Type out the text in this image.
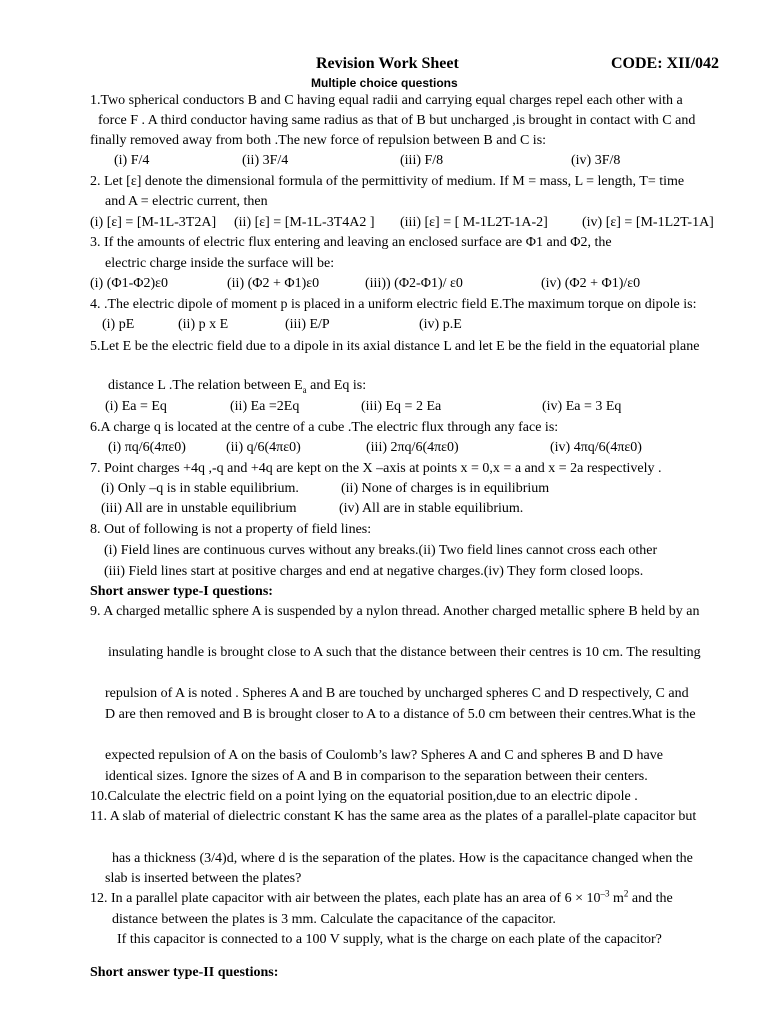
Revision Work Sheet	CODE: XII/042
Multiple choice questions
1.Two spherical conductors B and C having equal radii and carrying equal charges repel each other with a
force F . A third conductor having same radius as that of B but uncharged ,is brought in contact with C and
finally removed away from both .The new force of repulsion between B and C is:
(i) F/4	(ii) 3F/4	(iii) F/8	(iv) 3F/8
2. Let [ε] denote the dimensional formula of the permittivity of medium. If M = mass, L = length, T= time
and A = electric current, then
(i) [ε] = [M-1L-3T2A] (ii) [ε] = [M-1L-3T4A2 ] (iii) [ε] = [ M-1L2T-1A-2] (iv) [ε] = [M-1L2T-1A]
3. If the amounts of electric flux entering and leaving an enclosed surface are Φ1 and Φ2, the
electric charge inside the surface will be:
(i) (Φ1-Φ2)ε0	(ii) (Φ2 + Φ1)ε0	(iii)) (Φ2-Φ1)/ ε0	(iv) (Φ2 + Φ1)/ε0
4. .The electric dipole of moment p is placed in a uniform electric field E.The maximum torque on dipole is:
(i) pE	(ii) p x E	(iii) E/P	(iv) p.E
5.Let E be the electric field due to a dipole in its axial distance L and let E be the field in the equatorial plane
distance L .The relation between $E_a$ and Eq is:
(i) Ea = Eq	(ii) Ea =2Eq	(iii) Eq = 2 Ea	(iv) Ea = 3 Eq
6.A charge q is located at the centre of a cube .The electric flux through any face is:
(i) πq/6(4πε0)	(ii) q/6(4πε0)	(iii) 2πq/6(4πε0)	(iv) 4πq/6(4πε0)
7. Point charges +4q ,-q and +4q are kept on the X –axis at points x = 0,x = a and x = 2a respectively .
(i) Only –q is in stable equilibrium.	(ii) None of charges is in equilibrium
(iii) All are in unstable equilibrium	(iv) All are in stable equilibrium.
8. Out of following is not a property of field lines:
(i) Field lines are continuous curves without any breaks.(ii) Two field lines cannot cross each other
(iii) Field lines start at positive charges and end at negative charges.(iv) They form closed loops.
Short answer type-I questions:
9. A charged metallic sphere A is suspended by a nylon thread. Another charged metallic sphere B held by an
insulating handle is brought close to A such that the distance between their centres is 10 cm. The resulting
repulsion of A is noted . Spheres A and B are touched by uncharged spheres C and D respectively, C and
D are then removed and B is brought closer to A to a distance of 5.0 cm between their centres.What is the
expected repulsion of A on the basis of Coulomb’s law? Spheres A and C and spheres B and D have
identical sizes. Ignore the sizes of A and B in comparison to the separation between their centers.
10.Calculate the electric field on a point lying on the equatorial position,due to an electric dipole .
11. A slab of material of dielectric constant K has the same area as the plates of a parallel-plate capacitor but
has a thickness (3/4)d, where d is the separation of the plates. How is the capacitance changed when the
slab is inserted between the plates?
12. In a parallel plate capacitor with air between the plates, each plate has an area of $6 \times 10^{-3}$ $m^2$ and the
distance between the plates is 3 mm. Calculate the capacitance of the capacitor.
If this capacitor is connected to a 100 V supply, what is the charge on each plate of the capacitor?
Short answer type-II questions:
